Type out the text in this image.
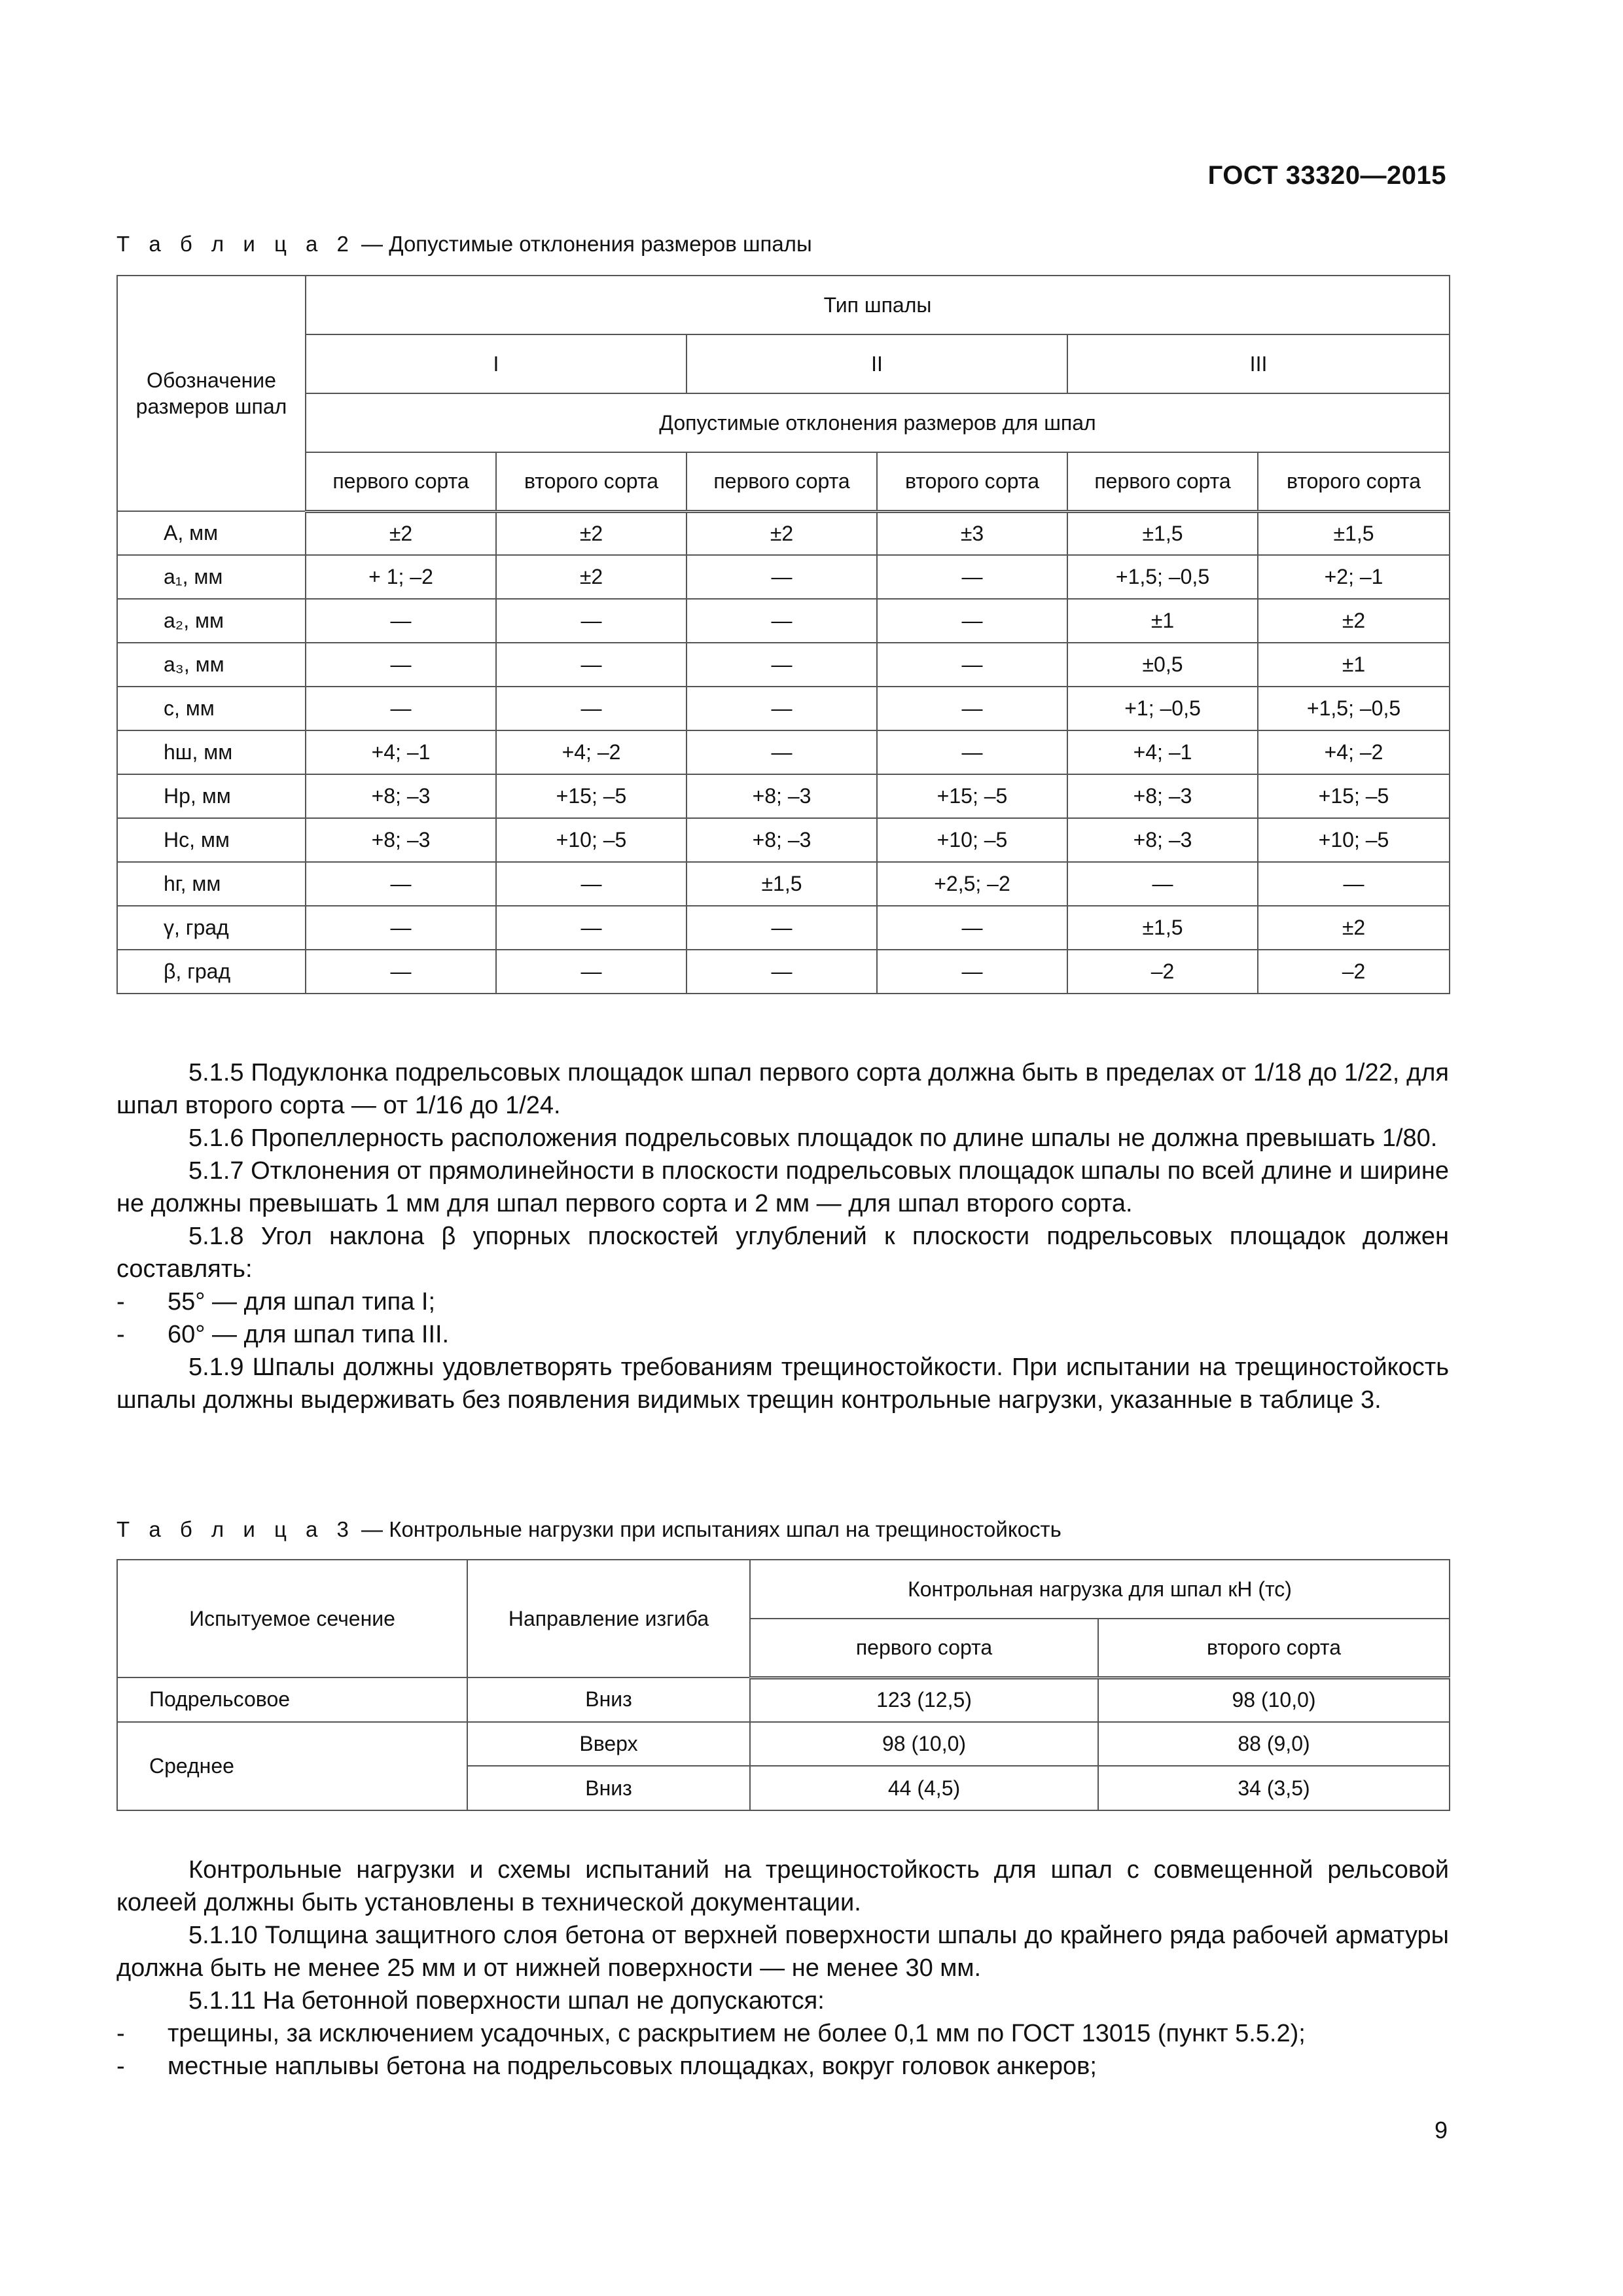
ГОСТ 33320—2015
Т а б л и ц а 2 — Допустимые отклонения размеров шпалы
Обозначение размеров шпал	Тип шпалы					
	I		II		III	
	Допустимые отклонения размеров для шпал					
	первого сорта	второго сорта	первого сорта	второго сорта	первого сорта	второго сорта
А, мм	±2	±2	±2	±3	±1,5	±1,5
a₁, мм	+ 1; –2	±2	—	—	+1,5; –0,5	+2; –1
a₂, мм	—	—	—	—	±1	±2
a₃, мм	—	—	—	—	±0,5	±1
c, мм	—	—	—	—	+1; –0,5	+1,5; –0,5
hш, мм	+4; –1	+4; –2	—	—	+4; –1	+4; –2
Hр, мм	+8; –3	+15; –5	+8; –3	+15; –5	+8; –3	+15; –5
Hс, мм	+8; –3	+10; –5	+8; –3	+10; –5	+8; –3	+10; –5
hг, мм	—	—	±1,5	+2,5; –2	—	—
γ, град	—	—	—	—	±1,5	±2
β, град	—	—	—	—	–2	–2

5.1.5 Подуклонка подрельсовых площадок шпал первого сорта должна быть в пределах от 1/18 до 1/22, для шпал второго сорта — от 1/16 до 1/24.

5.1.6 Пропеллерность расположения подрельсовых площадок по длине шпалы не должна превышать 1/80.

5.1.7 Отклонения от прямолинейности в плоскости подрельсовых площадок шпалы по всей длине и ширине не должны превышать 1 мм для шпал первого сорта и 2 мм — для шпал второго сорта.

5.1.8 Угол наклона β упорных плоскостей углублений к плоскости подрельсовых площадок должен составлять:

- 55° — для шпал типа I;

- 60° — для шпал типа III.

5.1.9 Шпалы должны удовлетворять требованиям трещиностойкости. При испытании на трещиностойкость шпалы должны выдерживать без появления видимых трещин контрольные нагрузки, указанные в таблице 3.

Т а б л и ц а 3 — Контрольные нагрузки при испытаниях шпал на трещиностойкость
Испытуемое сечение	Направление изгиба	Контрольная нагрузка для шпал кН (тс)	
		первого сорта	второго сорта
Подрельсовое	Вниз	123 (12,5)	98 (10,0)
Среднее	Вверх	98 (10,0)	88 (9,0)
	Вниз	44 (4,5)	34 (3,5)

Контрольные нагрузки и схемы испытаний на трещиностойкость для шпал с совмещенной рельсовой колеей должны быть установлены в технической документации.

5.1.10 Толщина защитного слоя бетона от верхней поверхности шпалы до крайнего ряда рабочей арматуры должна быть не менее 25 мм и от нижней поверхности — не менее 30 мм.

5.1.11 На бетонной поверхности шпал не допускаются:

- трещины, за исключением усадочных, с раскрытием не более 0,1 мм по ГОСТ 13015 (пункт 5.5.2);

- местные наплывы бетона на подрельсовых площадках, вокруг головок анкеров;

9
